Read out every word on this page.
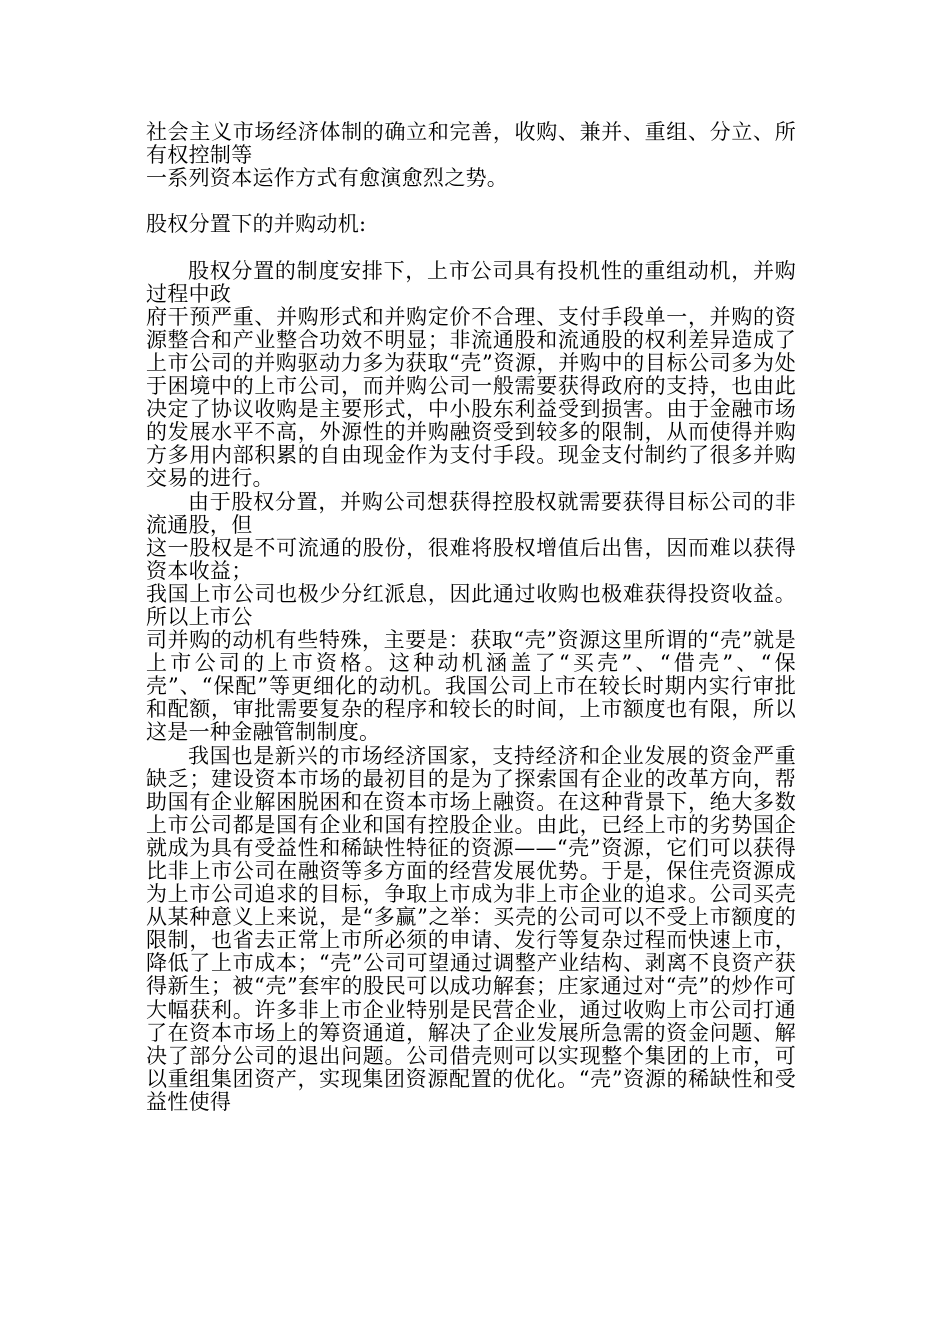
社会主义市场经济体制的确立和完善，收购、兼并、重组、分立、所有权控制等

一系列资本运作方式有愈演愈烈之势。

股权分置下的并购动机:

股权分置的制度安排下，上市公司具有投机性的重组动机，并购过程中政

府干预严重、并购形式和并购定价不合理、支付手段单一，并购的资源整合和产业整合功效不明显；非流通股和流通股的权利差异造成了上市公司的并购驱动力多为获取“壳”资源，并购中的目标公司多为处于困境中的上市公司，而并购公司一般需要获得政府的支持，也由此决定了协议收购是主要形式，中小股东利益受到损害。由于金融市场的发展水平不高，外源性的并购融资受到较多的限制，从而使得并购方多用内部积累的自由现金作为支付手段。现金支付制约了很多并购交易的进行。

由于股权分置，并购公司想获得控股权就需要获得目标公司的非流通股，但

这一股权是不可流通的股份，很难将股权增值后出售，因而难以获得资本收益；

我国上市公司也极少分红派息，因此通过收购也极难获得投资收益。所以上市公

司并购的动机有些特殊，主要是：获取“壳”资源这里所谓的“壳”就是上市公司的上市资格。这种动机涵盖了“买壳”、“借壳”、“保壳”、“保配”等更细化的动机。我国公司上市在较长时期内实行审批和配额，审批需要复杂的程序和较长的时间，上市额度也有限，所以这是一种金融管制制度。

我国也是新兴的市场经济国家，支持经济和企业发展的资金严重缺乏；建设资本市场的最初目的是为了探索国有企业的改革方向，帮助国有企业解困脱困和在资本市场上融资。在这种背景下，绝大多数上市公司都是国有企业和国有控股企业。由此，已经上市的劣势国企就成为具有受益性和稀缺性特征的资源——“壳”资源，它们可以获得比非上市公司在融资等多方面的经营发展优势。于是，保住壳资源成为上市公司追求的目标，争取上市成为非上市企业的追求。公司买壳从某种意义上来说，是“多赢”之举：买壳的公司可以不受上市额度的限制，也省去正常上市所必须的申请、发行等复杂过程而快速上市，降低了上市成本；“壳”公司可望通过调整产业结构、剥离不良资产获得新生；被“壳”套牢的股民可以成功解套；庄家通过对“壳”的炒作可大幅获利。许多非上市企业特别是民营企业，通过收购上市公司打通了在资本市场上的筹资通道，解决了企业发展所急需的资金问题、解决了部分公司的退出问题。公司借壳则可以实现整个集团的上市，可以重组集团资产，实现集团资源配置的优化。“壳”资源的稀缺性和受益性使得
